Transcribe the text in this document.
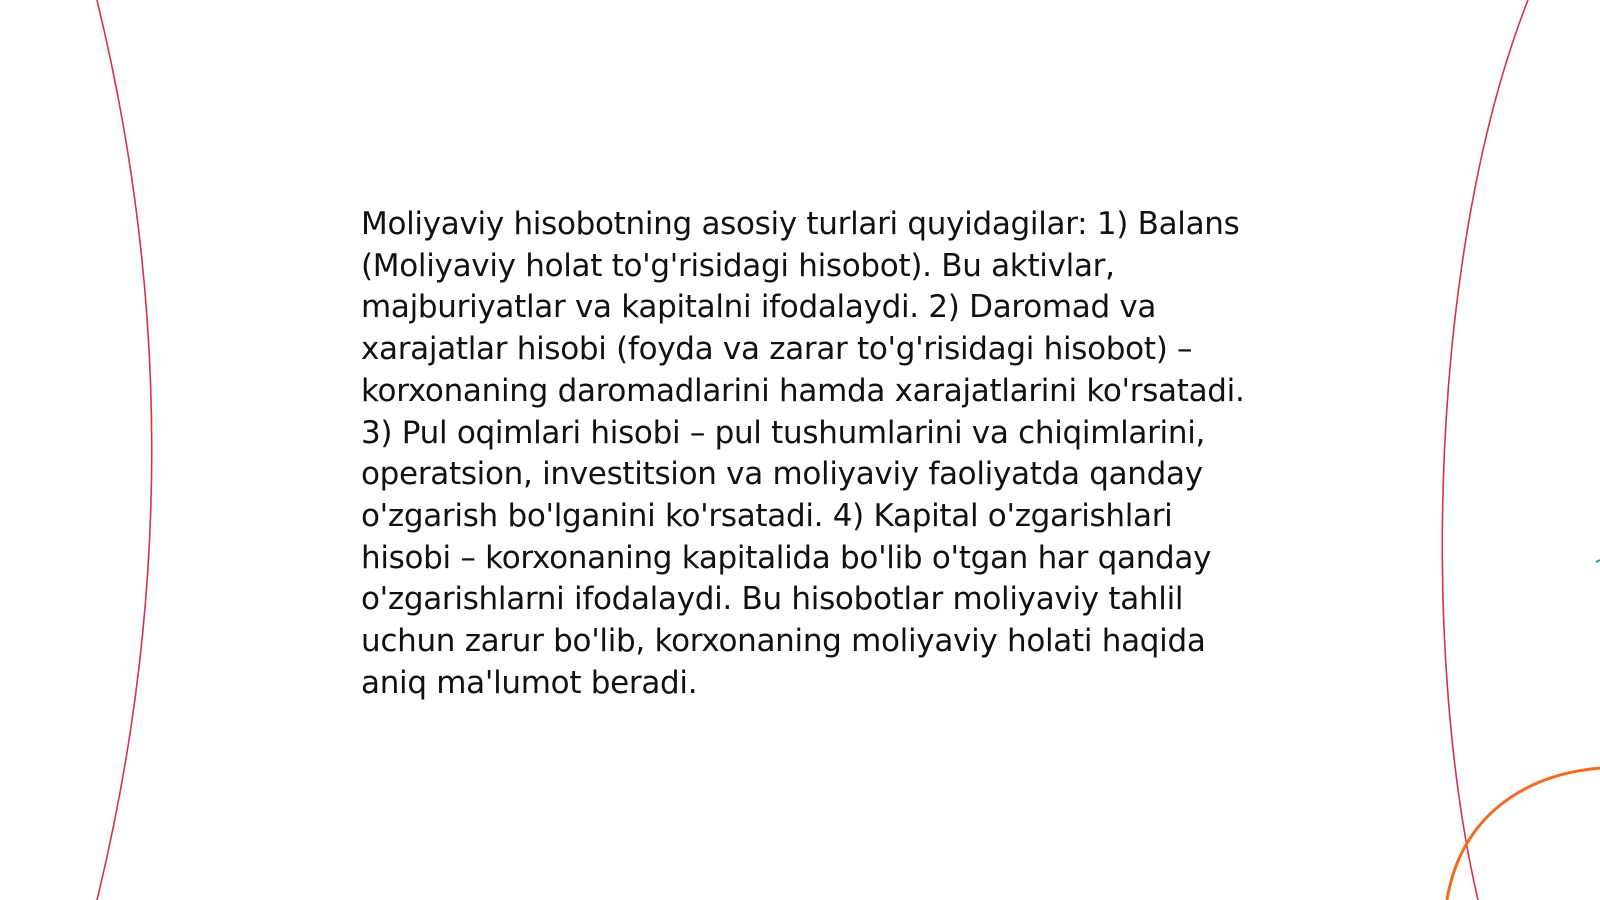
Moliyaviy hisobotning asosiy turlari quyidagilar: 1) Balans (Moliyaviy holat to'g'risidagi hisobot). Bu aktivlar, majburiyatlar va kapitalni ifodalaydi. 2) Daromad va xarajatlar hisobi (foyda va zarar to'g'risidagi hisobot) – korxonaning daromadlarini hamda xarajatlarini ko'rsatadi. 3) Pul oqimlari hisobi – pul tushumlarini va chiqimlarini, operatsion, investitsion va moliyaviy faoliyatda qanday o'zgarish bo'lganini ko'rsatadi. 4) Kapital o'zgarishlari hisobi – korxonaning kapitalida bo'lib o'tgan har qanday o'zgarishlarni ifodalaydi. Bu hisobotlar moliyaviy tahlil uchun zarur bo'lib, korxonaning moliyaviy holati haqida aniq ma'lumot beradi.
